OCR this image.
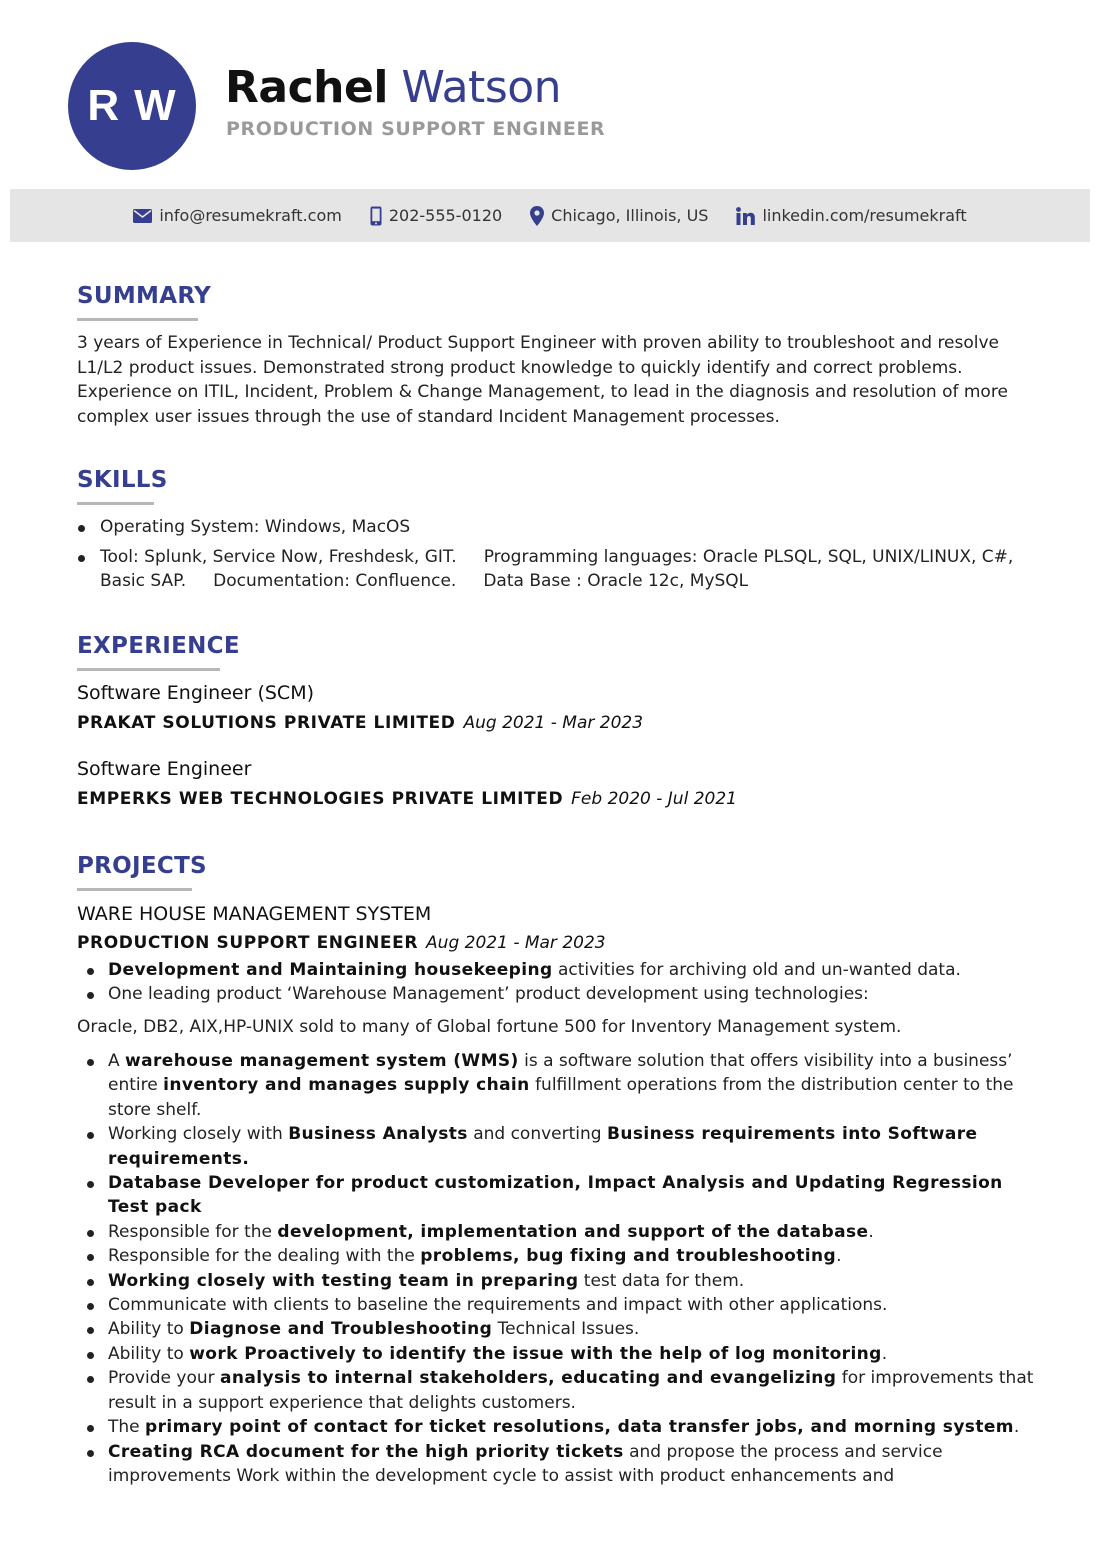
R W Rachel Watson
PRODUCTION SUPPORT ENGINEER
info@resumekraft.com	202-555-0120	Chicago, Illinois, US	linkedin.com/resumekraft
SUMMARY
3 years of Experience in Technical/ Product Support Engineer with proven ability to troubleshoot and resolve L1/L2 product issues. Demonstrated strong product knowledge to quickly identify and correct problems. Experience on ITIL, Incident, Problem & Change Management, to lead in the diagnosis and resolution of more complex user issues through the use of standard Incident Management processes.
SKILLS
Operating System: Windows, MacOS
Tool: Splunk, Service Now, Freshdesk, GIT.     Programming languages: Oracle PLSQL, SQL, UNIX/LINUX, C#, Basic SAP.     Documentation: Confluence.     Data Base : Oracle 12c, MySQL
EXPERIENCE
Software Engineer (SCM)
PRAKAT SOLUTIONS PRIVATE LIMITED Aug 2021 - Mar 2023
Software Engineer
EMPERKS WEB TECHNOLOGIES PRIVATE LIMITED Feb 2020 - Jul 2021
PROJECTS
WARE HOUSE MANAGEMENT SYSTEM
PRODUCTION SUPPORT ENGINEER Aug 2021 - Mar 2023
Development and Maintaining housekeeping activities for archiving old and un-wanted data.
One leading product ‘Warehouse Management’ product development using technologies:
Oracle, DB2, AIX,HP-UNIX sold to many of Global fortune 500 for Inventory Management system.
A warehouse management system (WMS) is a software solution that offers visibility into a business’ entire inventory and manages supply chain fulfillment operations from the distribution center to the store shelf.
Working closely with Business Analysts and converting Business requirements into Software requirements.
Database Developer for product customization, Impact Analysis and Updating Regression Test pack
Responsible for the development, implementation and support of the database.
Responsible for the dealing with the problems, bug fixing and troubleshooting.
Working closely with testing team in preparing test data for them.
Communicate with clients to baseline the requirements and impact with other applications.
Ability to Diagnose and Troubleshooting Technical Issues.
Ability to work Proactively to identify the issue with the help of log monitoring.
Provide your analysis to internal stakeholders, educating and evangelizing for improvements that result in a support experience that delights customers.
The primary point of contact for ticket resolutions, data transfer jobs, and morning system.
Creating RCA document for the high priority tickets and propose the process and service improvements Work within the development cycle to assist with product enhancements and
